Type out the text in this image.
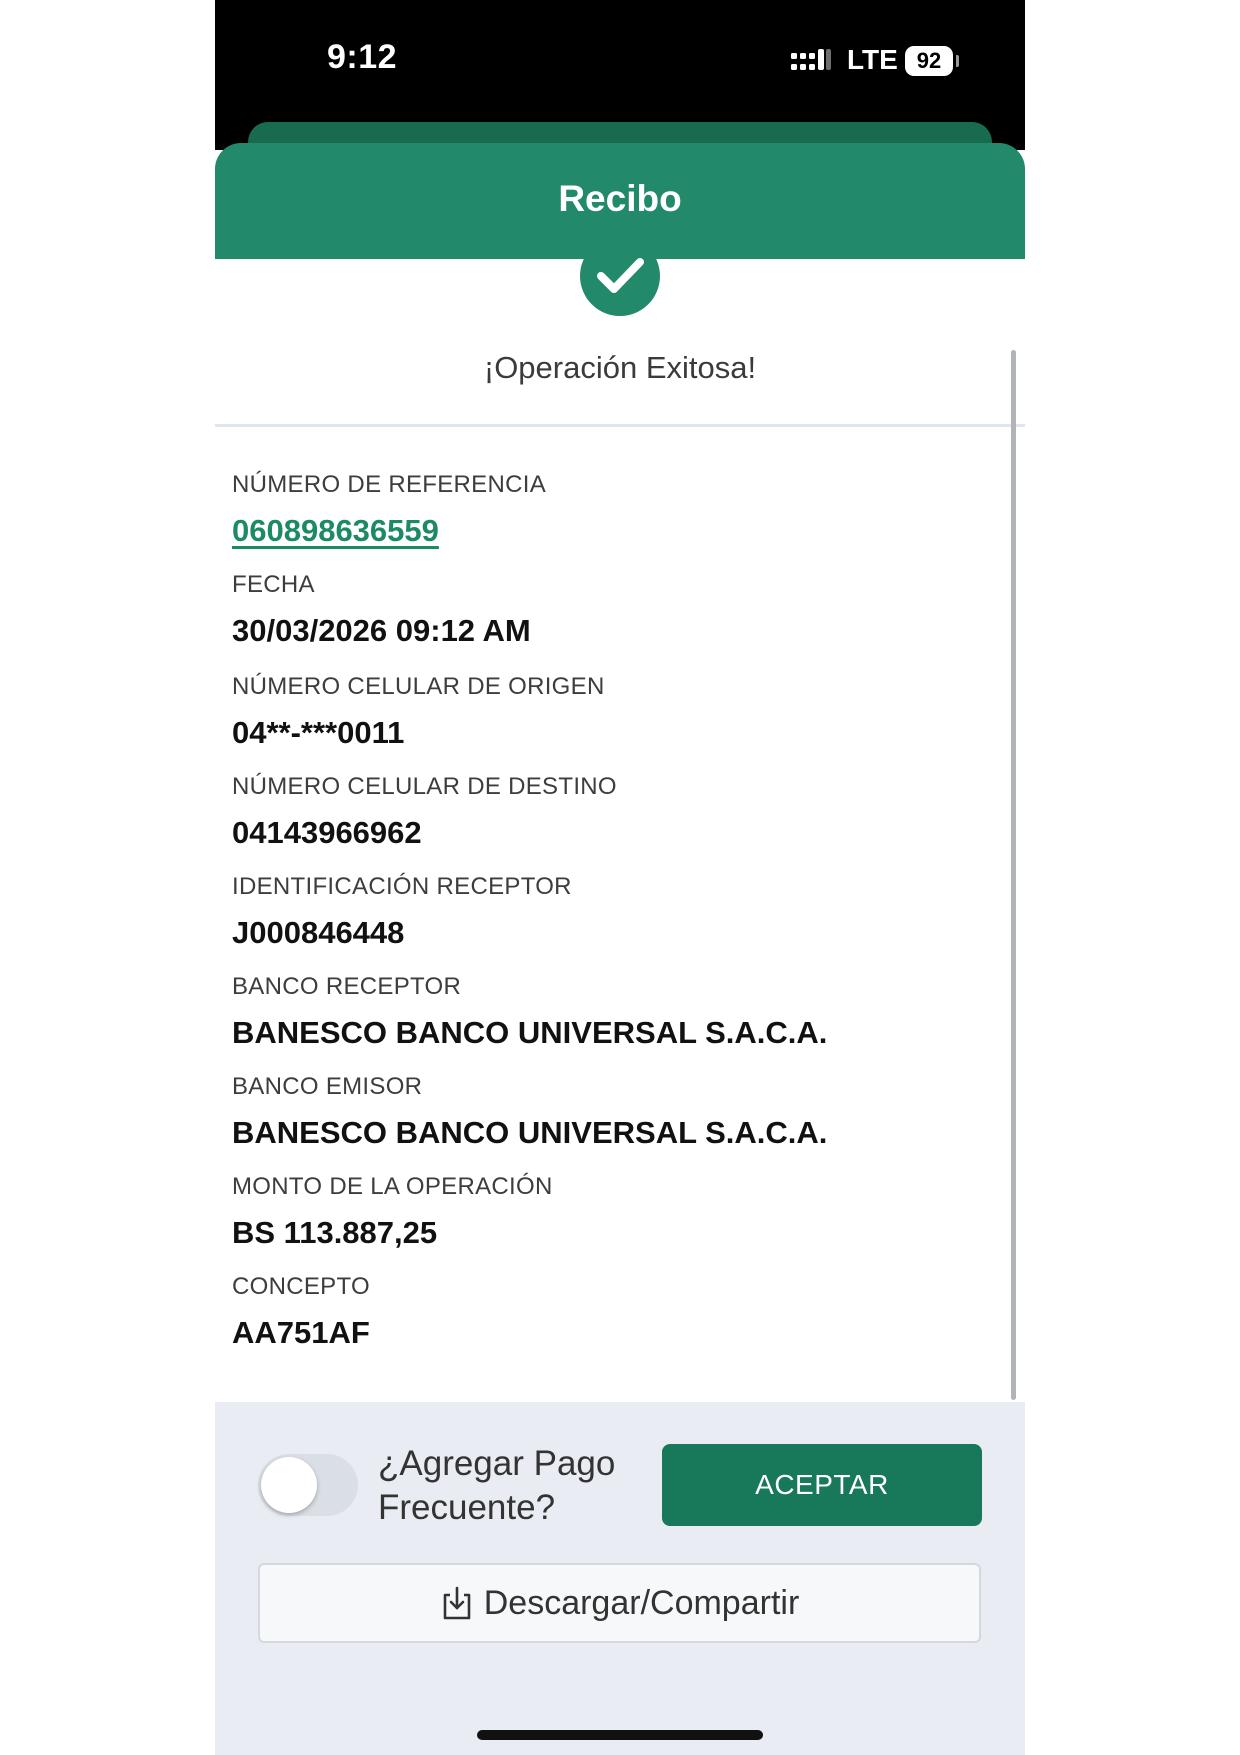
9:12	LTE 92
Recibo
¡Operación Exitosa!
NÚMERO DE REFERENCIA
060898636559
FECHA
30/03/2026 09:12 AM
NÚMERO CELULAR DE ORIGEN
04**-***0011
NÚMERO CELULAR DE DESTINO
04143966962
IDENTIFICACIÓN RECEPTOR
J000846448
BANCO RECEPTOR
BANESCO BANCO UNIVERSAL S.A.C.A.
BANCO EMISOR
BANESCO BANCO UNIVERSAL S.A.C.A.
MONTO DE LA OPERACIÓN
BS 113.887,25
CONCEPTO
AA751AF
¿Agregar Pago
Frecuente?
ACEPTAR
Descargar/Compartir
